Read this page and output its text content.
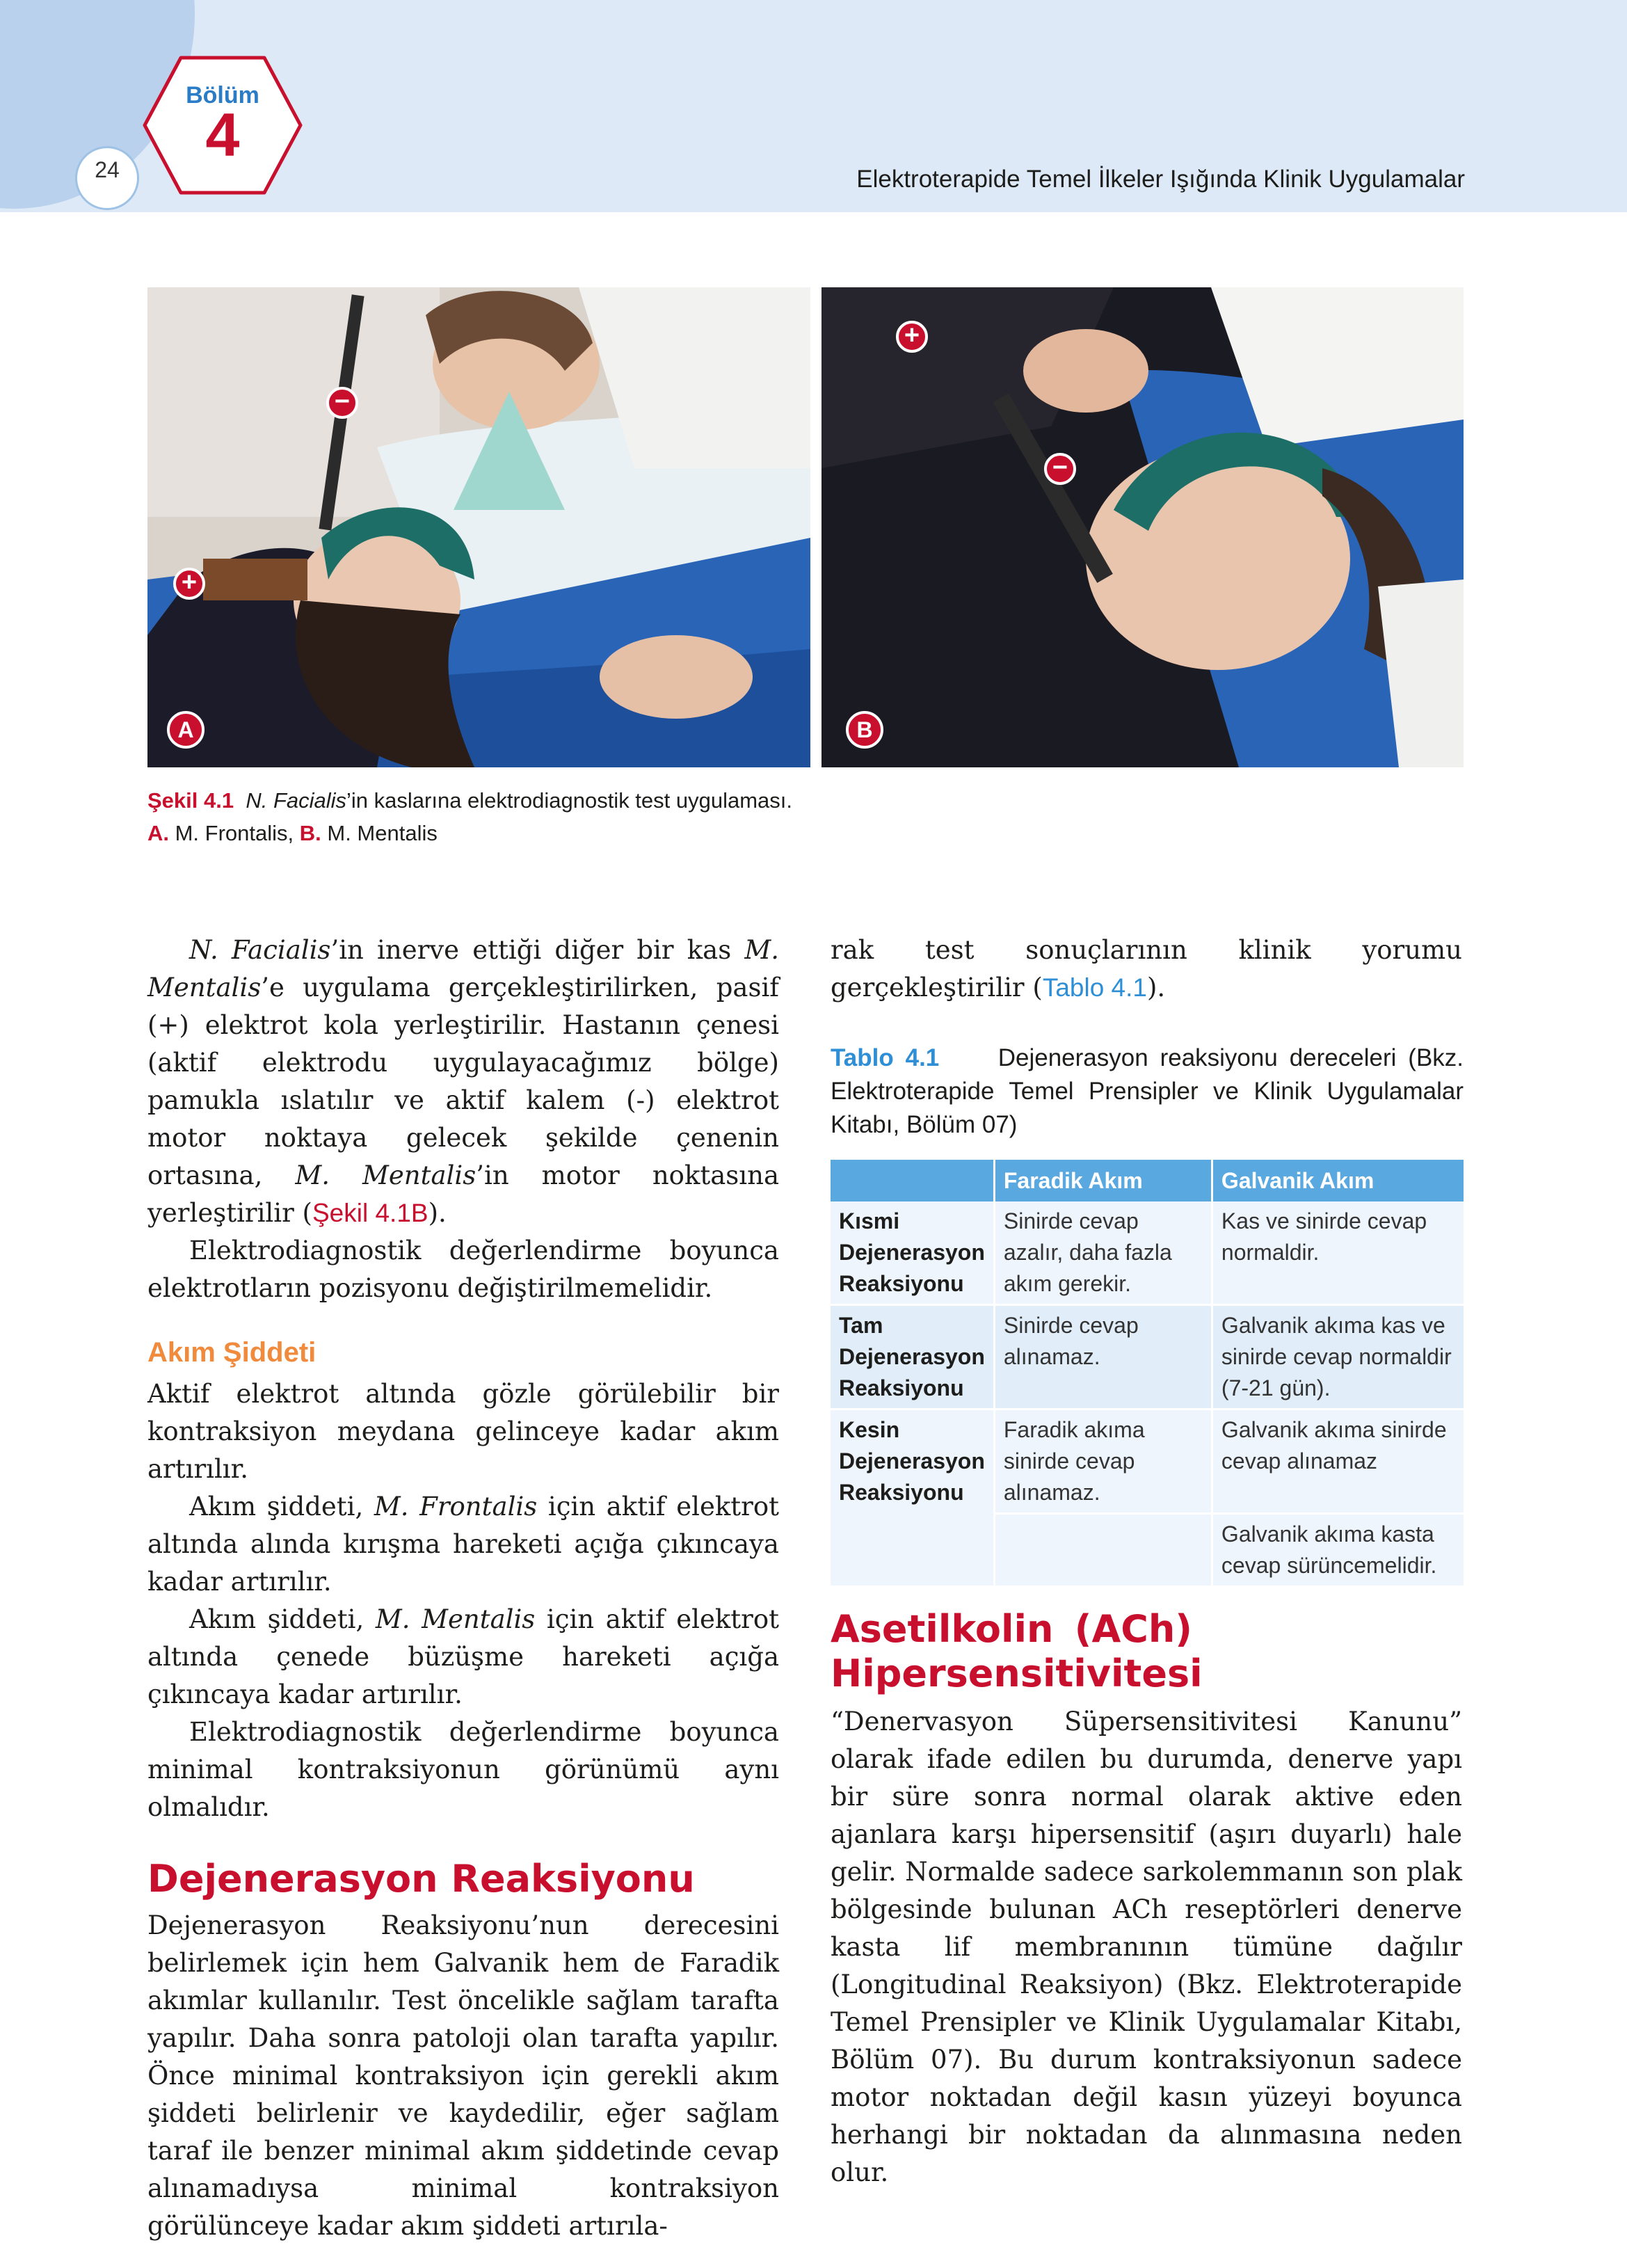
24
Bölüm
4
Elektroterapide Temel İlkeler Işığında Klinik Uygulamalar
−
+
A
+
−
B
Şekil 4.1 N. Facialis’in kaslarına elektrodiagnostik test uygulaması.
A. M. Frontalis, B. M. Mentalis

N. Facialis’in inerve ettiği diğer bir kas M. Mentalis’e uygulama gerçekleştirilirken, pasif (+) elektrot kola yerleştirilir. Hastanın çenesi (aktif elektrodu uygulayacağımız bölge) pamukla ıslatılır ve aktif kalem (-) elektrot motor noktaya gelecek şekilde çenenin ortasına, M. Mentalis’in motor noktasına yerleştirilir (Şekil 4.1B).

Elektrodiagnostik değerlendirme boyunca elektrotların pozisyonu değiştirilmemelidir.

Akım Şiddeti

Aktif elektrot altında gözle görülebilir bir kontraksiyon meydana gelinceye kadar akım artırılır.

Akım şiddeti, M. Frontalis için aktif elektrot altında alında kırışma hareketi açığa çıkıncaya kadar artırılır.

Akım şiddeti, M. Mentalis için aktif elektrot altında çenede büzüşme hareketi açığa çıkıncaya kadar artırılır.

Elektrodiagnostik değerlendirme boyunca minimal kontraksiyonun görünümü aynı olmalıdır.

Dejenerasyon Reaksiyonu

Dejenerasyon Reaksiyonu’nun derecesini belirlemek için hem Galvanik hem de Faradik akımlar kullanılır. Test öncelikle sağlam tarafta yapılır. Daha sonra patoloji olan tarafta yapılır. Önce minimal kontraksiyon için gerekli akım şiddeti belirlenir ve kaydedilir, eğer sağlam taraf ile benzer minimal akım şiddetinde cevap alınamadıysa minimal kontraksiyon görülünceye kadar akım şiddeti artırıla-

rak test sonuçlarının klinik yorumu gerçekleştirilir (Tablo 4.1).

Tablo 4.1 Dejenerasyon reaksiyonu dereceleri (Bkz. Elektroterapide Temel Prensipler ve Klinik Uygulamalar Kitabı, Bölüm 07)
	Faradik Akım	Galvanik Akım
Kısmi Dejenerasyon Reaksiyonu	Sinirde cevap azalır, daha fazla akım gerekir.	Kas ve sinirde cevap normaldir.
Tam Dejenerasyon Reaksiyonu	Sinirde cevap alınamaz.	Galvanik akıma kas ve sinirde cevap normaldir (7-21 gün).
Kesin Dejenerasyon Reaksiyonu	Faradik akıma sinirde cevap alınamaz.	Galvanik akıma sinirde cevap alınamaz
		Galvanik akıma kasta cevap sürüncemelidir.

Asetilkolin (ACh) Hipersensitivitesi

“Denervasyon Süpersensitivitesi Kanunu” olarak ifade edilen bu durumda, denerve yapı bir süre sonra normal olarak aktive eden ajanlara karşı hipersensitif (aşırı duyarlı) hale gelir. Normalde sadece sarkolemmanın son plak bölgesinde bulunan ACh reseptörleri denerve kasta lif membranının tümüne dağılır (Longitudinal Reaksiyon) (Bkz. Elektroterapide Temel Prensipler ve Klinik Uygulamalar Kitabı, Bölüm 07). Bu durum kontraksiyonun sadece motor noktadan değil kasın yüzeyi boyunca herhangi bir noktadan da alınmasına neden olur.
